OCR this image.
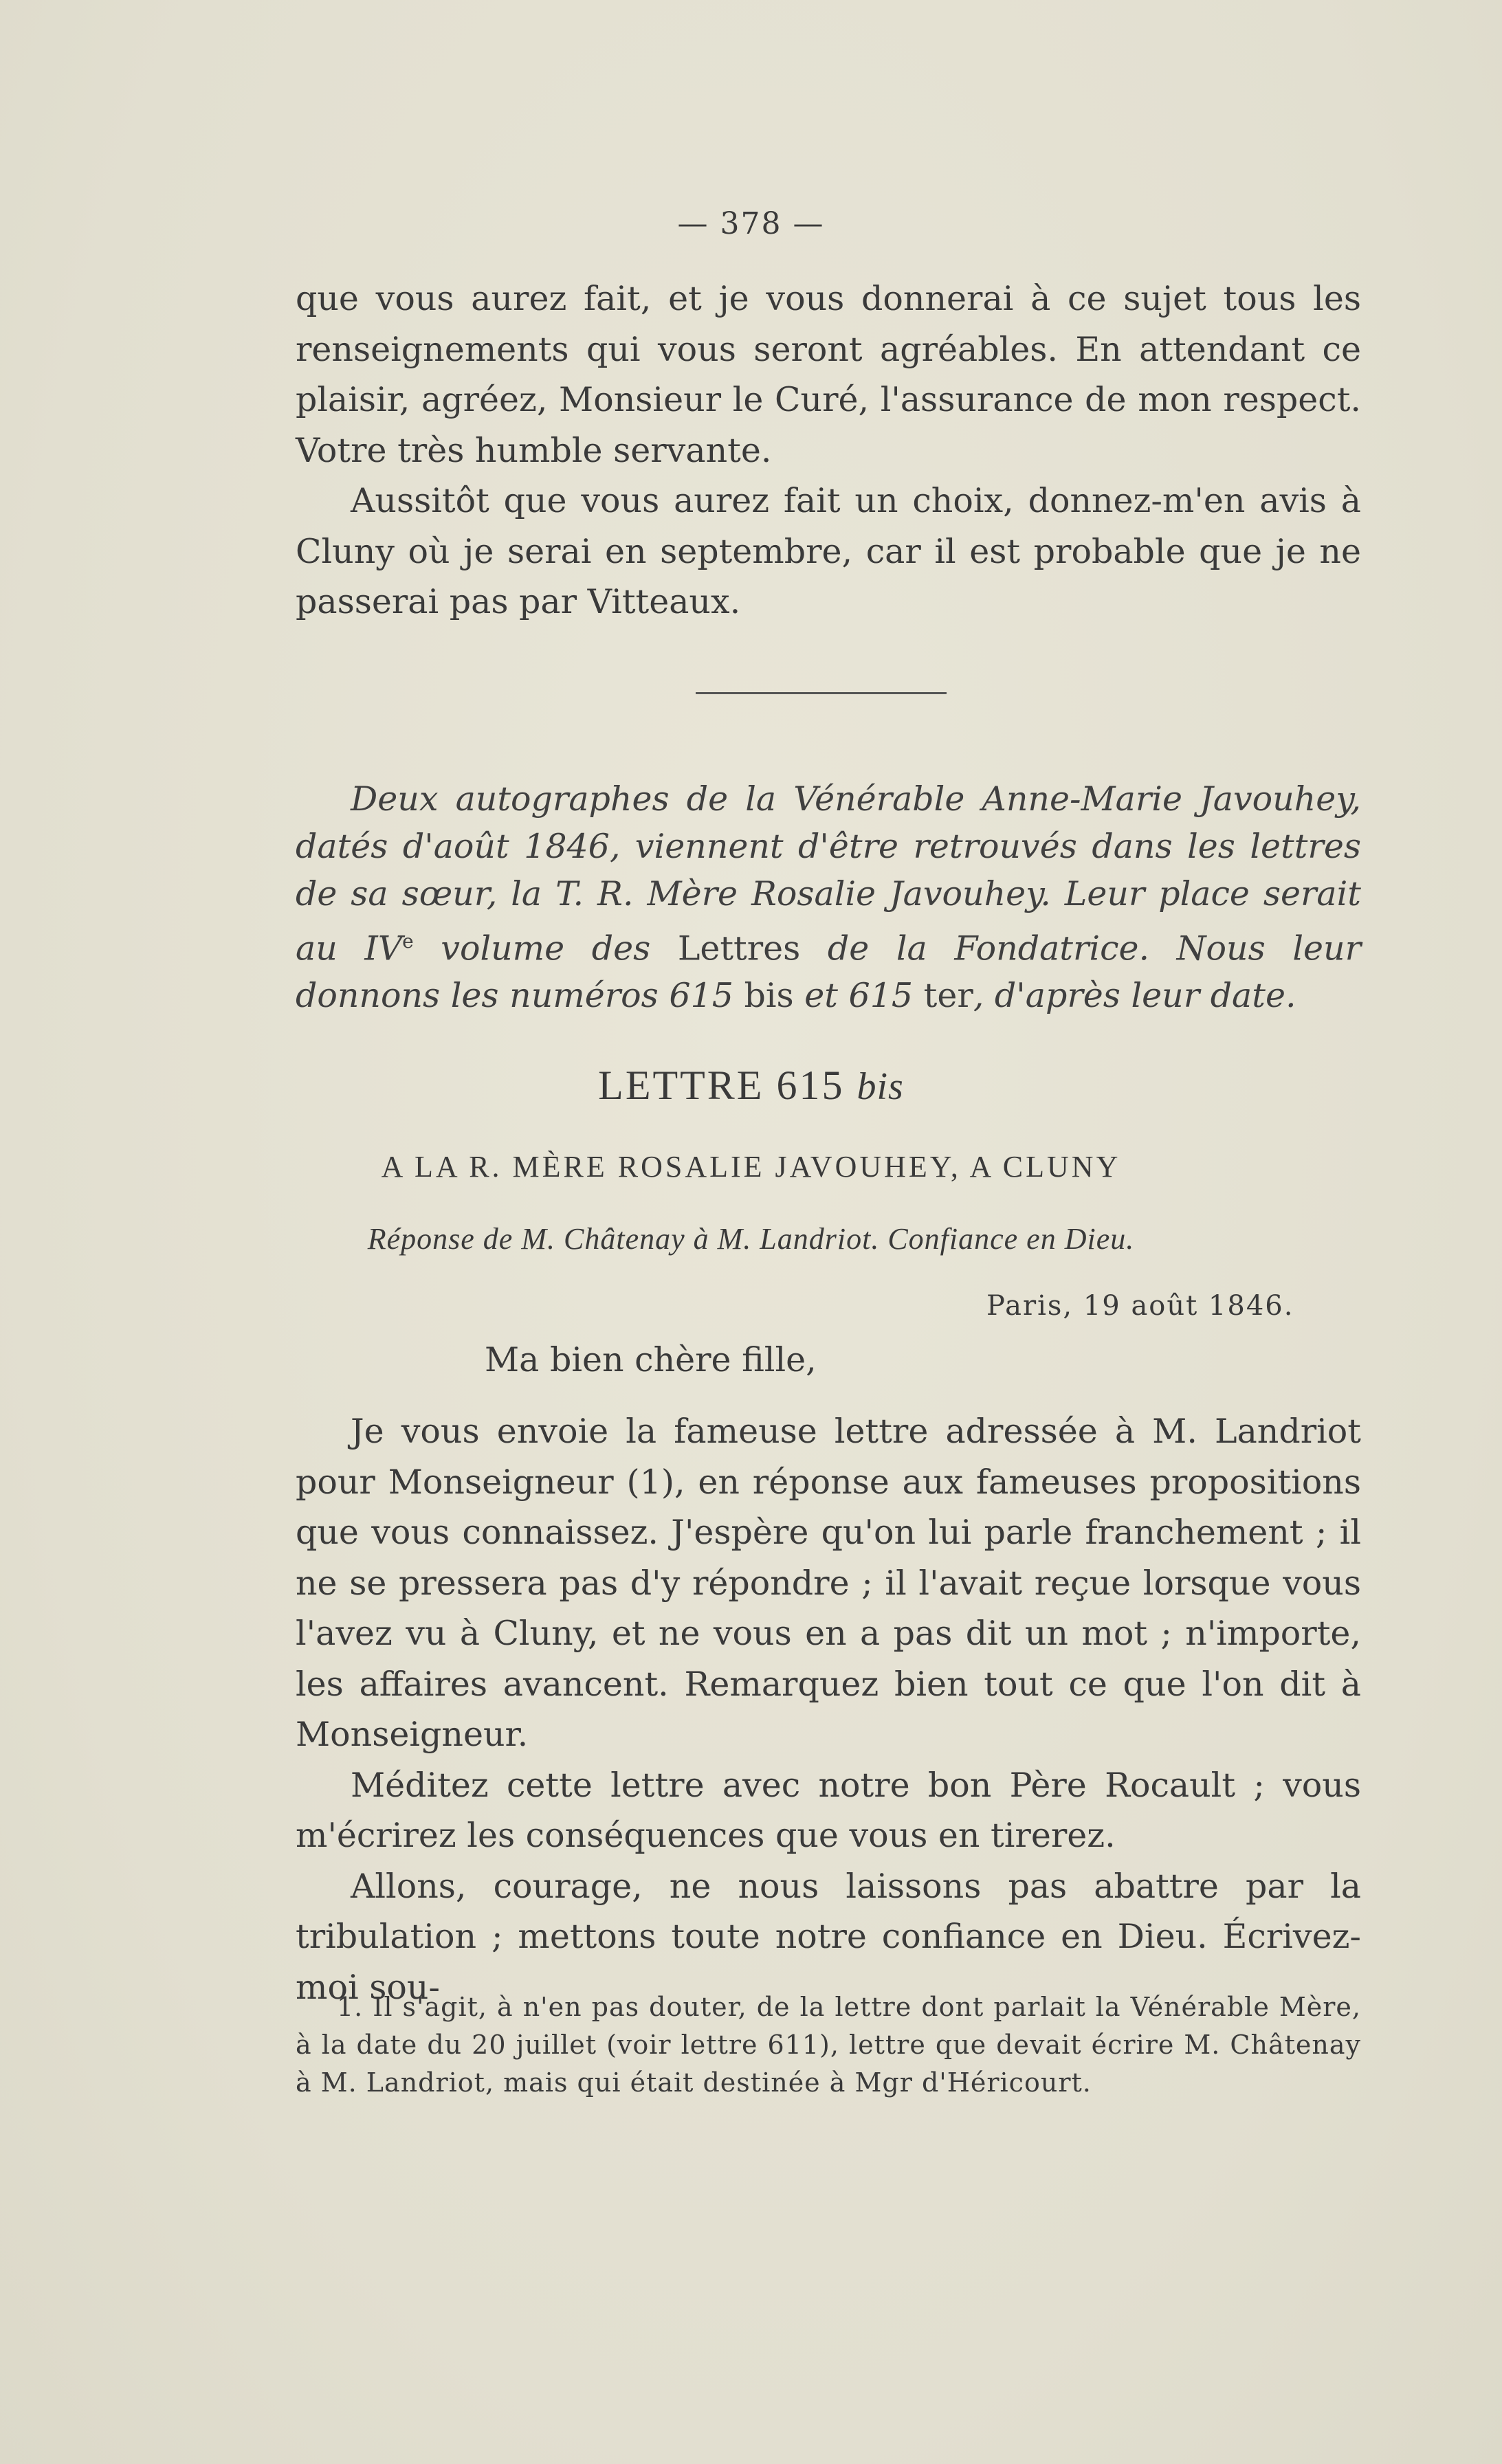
— 378 —

que vous aurez fait, et je vous donnerai à ce sujet tous les renseignements qui vous seront agréables. En attendant ce plaisir, agréez, Monsieur le Curé, l'assurance de mon respect. Votre très humble servante.

Aussitôt que vous aurez fait un choix, donnez-m'en avis à Cluny où je serai en septembre, car il est probable que je ne passerai pas par Vitteaux.

Deux autographes de la Vénérable Anne-Marie Javouhey, datés d'août 1846, viennent d'être retrouvés dans les lettres de sa sœur, la T. R. Mère Rosalie Javouhey. Leur place serait au IVe volume des Lettres de la Fondatrice. Nous leur donnons les numéros 615 bis et 615 ter, d'après leur date.

LETTRE 615 bis
A LA R. MÈRE ROSALIE JAVOUHEY, A CLUNY
Réponse de M. Châtenay à M. Landriot. Confiance en Dieu.
Paris, 19 août 1846.
Ma bien chère fille,

Je vous envoie la fameuse lettre adressée à M. Landriot pour Monseigneur (1), en réponse aux fameuses propositions que vous connaissez. J'espère qu'on lui parle franchement ; il ne se pressera pas d'y répondre ; il l'avait reçue lorsque vous l'avez vu à Cluny, et ne vous en a pas dit un mot ; n'importe, les affaires avancent. Remarquez bien tout ce que l'on dit à Monseigneur.

Méditez cette lettre avec notre bon Père Rocault ; vous m'écrirez les conséquences que vous en tirerez.

Allons, courage, ne nous laissons pas abattre par la tribulation ; mettons toute notre confiance en Dieu. Écrivez-moi sou-

1. Il s'agit, à n'en pas douter, de la lettre dont parlait la Vénérable Mère, à la date du 20 juillet (voir lettre 611), lettre que devait écrire M. Châtenay à M. Landriot, mais qui était destinée à Mgr d'Héricourt.
